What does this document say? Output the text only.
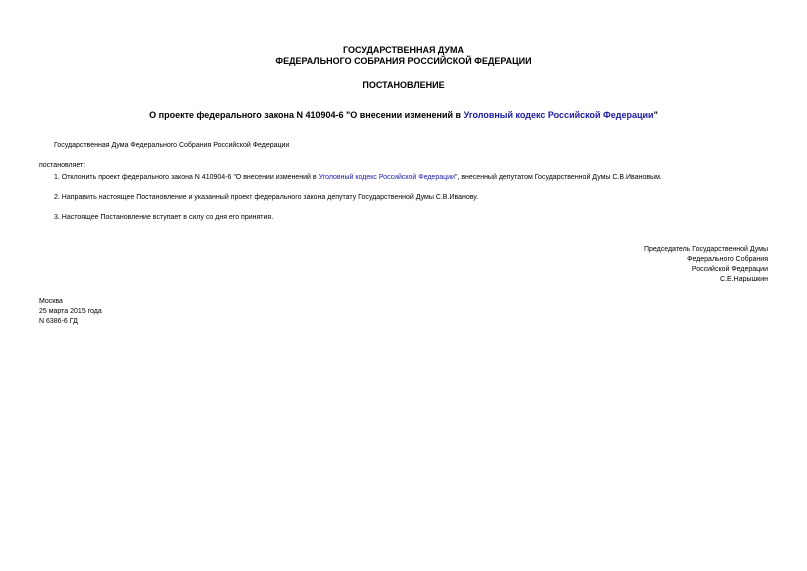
ГОСУДАРСТВЕННАЯ ДУМА
ФЕДЕРАЛЬНОГО СОБРАНИЯ РОССИЙСКОЙ ФЕДЕРАЦИИ
ПОСТАНОВЛЕНИЕ
О проекте федерального закона N 410904-6 "О внесении изменений в Уголовный кодекс Российской Федерации"
Государственная Дума Федерального Собрания Российской Федерации
постановляет:
1. Отклонить проект федерального закона N 410904-6 "О внесении изменений в Уголовный кодекс Российской Федерации", внесенный депутатом Государственной Думы С.В.Ивановым.
2. Направить настоящее Постановление и указанный проект федерального закона депутату Государственной Думы С.В.Иванову.
3. Настоящее Постановление вступает в силу со дня его принятия.
Председатель Государственной Думы
Федерального Собрания
Российской Федерации
С.Е.Нарышкин
Москва
25 марта 2015 года
N 6386-6 ГД
